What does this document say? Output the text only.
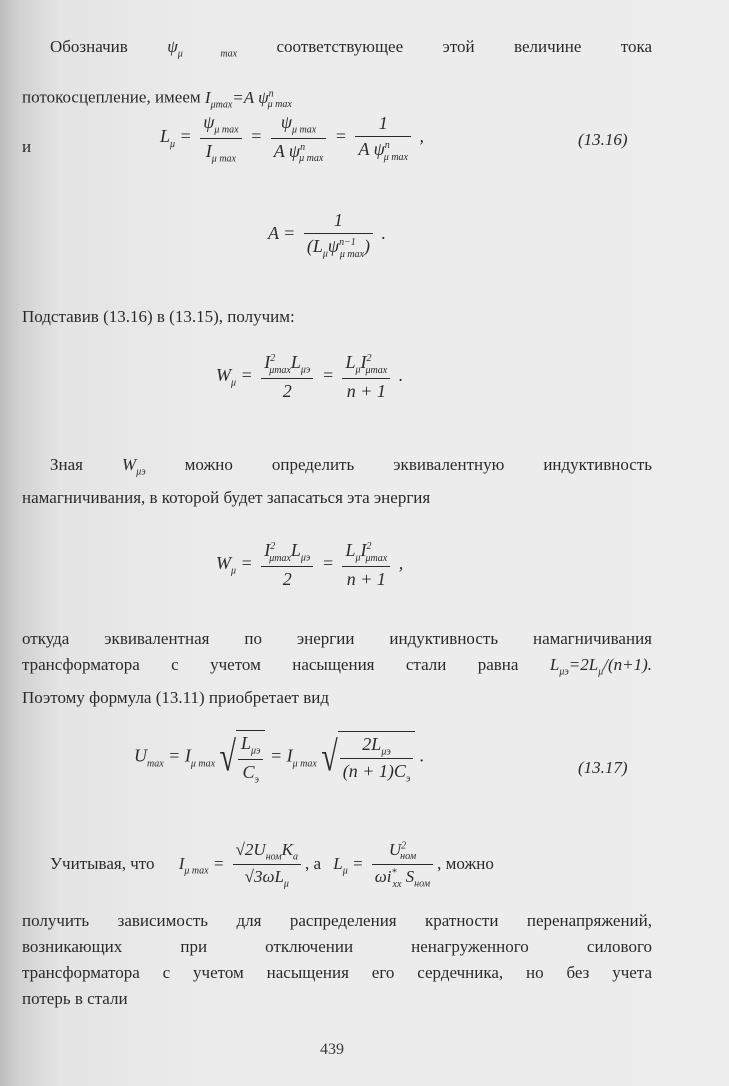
Обозначив $\psi_{\mu max}$ соответствующее этой величине тока
потокосцепление, имеем $I_{\mu max}=A$ $\psi^n_{\mu max}$
и
$L_\mu = \frac{\psi_{\mu max}}{I_{\mu max}} = \frac{\psi_{\mu max}}{A \psi^n_{\mu max}} = \frac{1}{A \psi^n_{\mu max}}$ ,	(13.16)
$A = \frac{1}{(L_\mu\psi^{n-1}_{\mu max})}$ .
Подставив (13.16) в (13.15), получим:
$W_\mu = \frac{I^2_{\mu max}L_{\mu э}}{2} = \frac{L_\mu I^2_{\mu max}}{n + 1}$ .
Зная $W_{\mu э}$ можно определить эквивалентную индуктивность
намагничивания, в которой будет запасаться эта энергия
$W_\mu = \frac{I^2_{\mu max}L_{\mu э}}{2} = \frac{L_\mu I^2_{\mu max}}{n + 1}$ ,
откуда эквивалентная по энергии индуктивность намагничивания
трансформатора с учетом насыщения стали равна $L_{\mu э}=2L_\mu/(n+1)$.
Поэтому формула (13.11) приобретает вид
$U_{max} = I_{\mu max}$ √ $\frac{L_{\mu э}}{C_э} = I_{\mu max}$ √ $\frac{2L_{\mu э}}{(n + 1)C_э}$ .
(13.17)
Учитывая, что $I_{\mu max} = \frac{√2U_{ном}K_a}{√3\omega L_\mu}$ , а $L_\mu = \frac{U^2_{ном}}{\omega i^*_{xx} S_{ном}}$ , можно
получить зависимость для распределения кратности перенапряжений,
возникающих при отключении ненагруженного силового
трансформатора с учетом насыщения его сердечника, но без учета
потерь в стали
439
